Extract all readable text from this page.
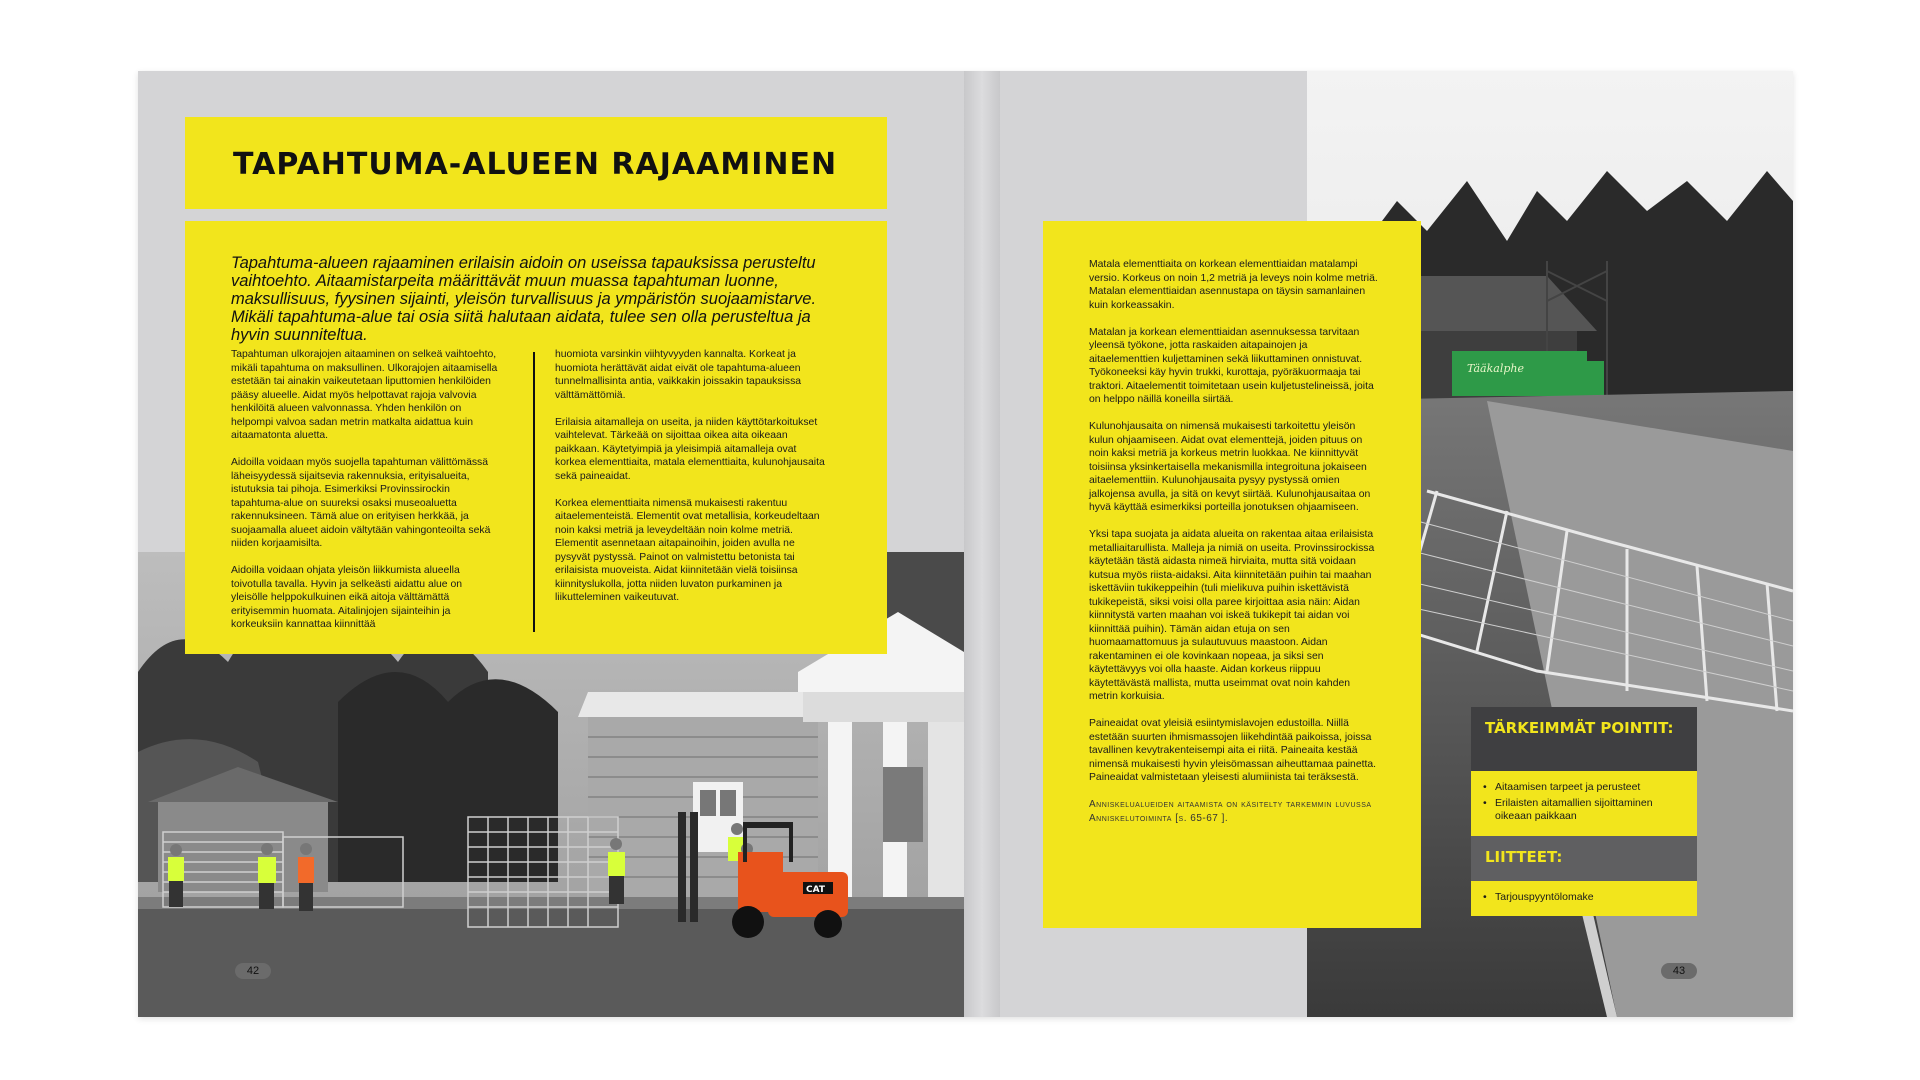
CAT
Tääkalphe
TAPAHTUMA-ALUEEN RAJAAMINEN

Tapahtuma-alueen rajaaminen erilaisin aidoin on useissa tapauksissa perusteltu vaihtoehto. Aitaamistarpeita määrittävät muun muassa tapahtuman luonne, maksullisuus, fyysinen sijainti, yleisön turvallisuus ja ympäristön suojaamistarve. Mikäli tapahtuma-alue tai osia siitä halutaan aidata, tulee sen olla perusteltua ja hyvin suunniteltua.

Tapahtuman ulkorajojen aitaaminen on selkeä vaihtoehto, mikäli tapahtuma on maksullinen. Ulkorajojen aitaamisella estetään tai ainakin vaikeutetaan liputtomien henkilöiden pääsy alueelle. Aidat myös helpottavat rajoja valvovia henkilöitä alueen valvonnassa. Yhden henkilön on helpompi valvoa sadan metrin matkalta aidattua kuin aitaamatonta aluetta.

Aidoilla voidaan myös suojella tapahtuman välittömässä läheisyydessä sijaitsevia rakennuksia, erityisalueita, istutuksia tai pihoja. Esimerkiksi Provinssirockin tapahtuma-alue on suureksi osaksi museoaluetta rakennuksineen. Tämä alue on erityisen herkkää, ja suojaamalla alueet aidoin vältytään vahingonteoilta sekä niiden korjaamisilta.

Aidoilla voidaan ohjata yleisön liikkumista alueella toivotulla tavalla. Hyvin ja selkeästi aidattu alue on yleisölle helppokulkuinen eikä aitoja välttämättä erityisemmin huomata. Aitalinjojen sijainteihin ja korkeuksiin kannattaa kiinnittää

huomiota varsinkin viihtyvyyden kannalta. Korkeat ja huomiota herättävät aidat eivät ole tapahtuma-alueen tunnelmallisinta antia, vaikkakin joissakin tapauksissa välttämättömiä.

Erilaisia aitamalleja on useita, ja niiden käyttötarkoitukset vaihtelevat. Tärkeää on sijoittaa oikea aita oikeaan paikkaan. Käytetyimpiä ja yleisimpiä aitamalleja ovat korkea elementtiaita, matala elementtiaita, kulunohjausaita sekä paineaidat.

Korkea elementtiaita nimensä mukaisesti rakentuu aitaelementeistä. Elementit ovat metallisia, korkeudeltaan noin kaksi metriä ja leveydeltään noin kolme metriä. Elementit asennetaan aitapainoihin, joiden avulla ne pysyvät pystyssä. Painot on valmistettu betonista tai erilaisista muoveista. Aidat kiinnitetään vielä toisiinsa kiinnityslukolla, jotta niiden luvaton purkaminen ja liikutteleminen vaikeutuvat.

Matala elementtiaita on korkean elementtiaidan matalampi versio. Korkeus on noin 1,2 metriä ja leveys noin kolme metriä. Matalan elementtiaidan asennustapa on täysin samanlainen kuin korkeassakin.

Matalan ja korkean elementtiaidan asennuksessa tarvitaan yleensä työkone, jotta raskaiden aitapainojen ja aitaelementtien kuljettaminen sekä liikuttaminen onnistuvat. Työkoneeksi käy hyvin trukki, kurottaja, pyöräkuormaaja tai traktori. Aitaelementit toimitetaan usein kuljetustelineissä, joita on helppo näillä koneilla siirtää.

Kulunohjausaita on nimensä mukaisesti tarkoitettu yleisön kulun ohjaamiseen. Aidat ovat elementtejä, joiden pituus on noin kaksi metriä ja korkeus metrin luokkaa. Ne kiinnittyvät toisiinsa yksinkertaisella mekanismilla integroituna jokaiseen aitaelementtiin. Kulunohjausaita pysyy pystyssä omien jalkojensa avulla, ja sitä on kevyt siirtää. Kulunohjausaitaa on hyvä käyttää esimerkiksi porteilla jonotuksen ohjaamiseen.

Yksi tapa suojata ja aidata alueita on rakentaa aitaa erilaisista metalliaitarullista. Malleja ja nimiä on useita. Provinssirockissa käytetään tästä aidasta nimeä hirviaita, mutta sitä voidaan kutsua myös riista-aidaksi. Aita kiinnitetään puihin tai maahan iskettäviin tukikeppeihin (tuli mielikuva puihin iskettävistä tukikepeistä, siksi voisi olla paree kirjoittaa asia näin: Aidan kiinnitystä varten maahan voi iskeä tukikepit tai aidan voi kiinnittää puihin). Tämän aidan etuja on sen huomaamattomuus ja sulautuvuus maastoon. Aidan rakentaminen ei ole kovinkaan nopeaa, ja siksi sen käytettävyys voi olla haaste. Aidan korkeus riippuu käytettävästä mallista, mutta useimmat ovat noin kahden metrin korkuisia.

Paineaidat ovat yleisiä esiintymislavojen edustoilla. Niillä estetään suurten ihmismassojen liikehdintää paikoissa, joissa tavallinen kevytrakenteisempi aita ei riitä. Paineaita kestää nimensä mukaisesti hyvin yleisömassan aiheuttamaa painetta. Paineaidat valmistetaan yleisesti alumiinista tai teräksestä.

Anniskelualueiden aitaamista on käsitelty tarkemmin luvussa Anniskelutoiminta [s. 65-67 ].

TÄRKEIMMÄT POINTIT:
• Aitaamisen tarpeet ja perusteet
• Erilaisten aitamallien sijoittaminen oikeaan paikkaan
LIITTEET:
• Tarjouspyyntölomake
42	43
